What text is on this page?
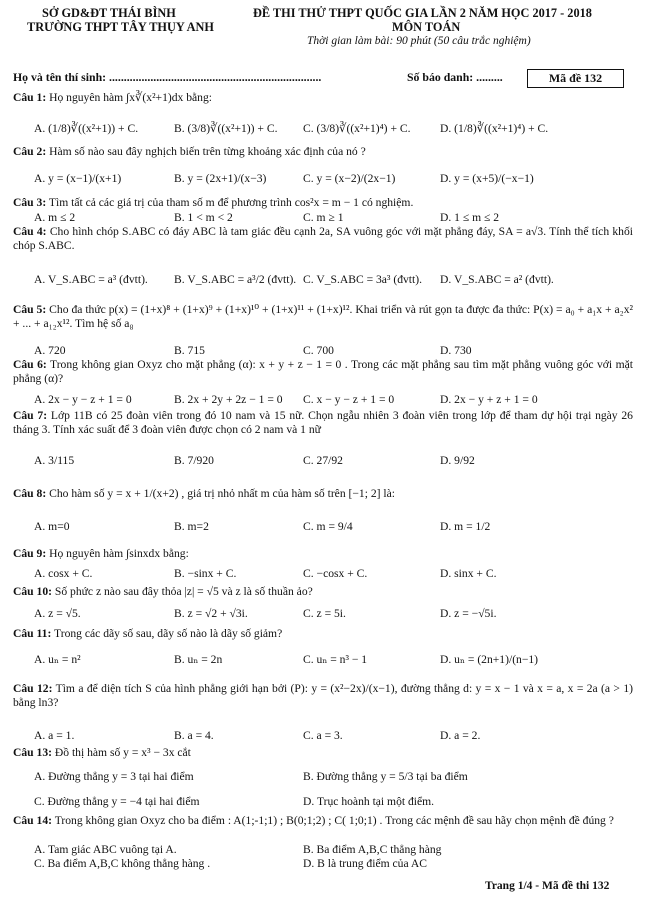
SỞ GD&ĐT THÁI BÌNH
TRƯỜNG THPT TÂY THỤY ANH
ĐỀ THI THỬ THPT QUỐC GIA LẦN 2 NĂM HỌC 2017 - 2018
MÔN TOÁN
Thời gian làm bài: 90 phút (50 câu trắc nghiệm)
Họ và tên thí sinh: ........................................................................	Số báo danh: .........	Mã đề 132
Câu 1: Họ nguyên hàm ∫x∛(x²+1)dx bằng:
A. (1/8)∛((x²+1)) + C.	B. (3/8)∛((x²+1)) + C. C. (3/8)∛((x²+1)⁴) + C.	D. (1/8)∛((x²+1)⁴) + C.
Câu 2: Hàm số nào sau đây nghịch biến trên từng khoảng xác định của nó ?
A. y = (x−1)/(x+1)	B. y = (2x+1)/(x−3)	C. y = (x−2)/(2x−1)	D. y = (x+5)/(−x−1)
Câu 3: Tìm tất cả các giá trị của tham số m để phương trình cos²x = m − 1 có nghiệm.
A. m ≤ 2	B. 1 < m < 2	C. m ≥ 1	D. 1 ≤ m ≤ 2
Câu 4: Cho hình chóp S.ABC có đáy ABC là tam giác đều cạnh 2a, SA vuông góc với mặt phẳng đáy, SA = a√3. Tính thể tích khối chóp S.ABC.
A. V_S.ABC = a³ (đvtt). B. V_S.ABC = a³/2 (đvtt). C. V_S.ABC = 3a³ (đvtt). D. V_S.ABC = a² (đvtt).
Câu 5: Cho đa thức p(x) = (1+x)⁸ + (1+x)⁹ + (1+x)¹⁰ + (1+x)¹¹ + (1+x)¹². Khai triển và rút gọn ta được đa thức: P(x) = a₀ + a₁x + a₂x² + ... + a₁₂x¹². Tìm hệ số a₈
A. 720	B. 715	C. 700	D. 730
Câu 6: Trong không gian Oxyz cho mặt phẳng (α): x + y + z − 1 = 0 . Trong các mặt phẳng sau tìm mặt phẳng vuông góc với mặt phẳng (α)?
A. 2x − y − z + 1 = 0	B. 2x + 2y + 2z − 1 = 0 C. x − y − z + 1 = 0	D. 2x − y + z + 1 = 0
Câu 7: Lớp 11B có 25 đoàn viên trong đó 10 nam và 15 nữ. Chọn ngẫu nhiên 3 đoàn viên trong lớp để tham dự hội trại ngày 26 tháng 3. Tính xác suất để 3 đoàn viên được chọn có 2 nam và 1 nữ
A. 3/115	B. 7/920	C. 27/92	D. 9/92
Câu 8: Cho hàm số y = x + 1/(x+2) , giá trị nhỏ nhất m của hàm số trên [−1; 2] là:
A. m=0	B. m=2	C. m = 9/4	D. m = 1/2
Câu 9: Họ nguyên hàm ∫sinxdx bằng:
A. cosx + C.	B. −sinx + C.	C. −cosx + C.	D. sinx + C.
Câu 10: Số phức z nào sau đây thỏa |z| = √5 và z là số thuần ảo?
A. z = √5.	B. z = √2 + √3i.	C. z = 5i.	D. z = −√5i.
Câu 11: Trong các dãy số sau, dãy số nào là dãy số giảm?
A. uₙ = n²	B. uₙ = 2n	C. uₙ = n³ − 1	D. uₙ = (2n+1)/(n−1)
Câu 12: Tìm a để diện tích S của hình phẳng giới hạn bởi (P): y = (x²−2x)/(x−1), đường thẳng d: y = x − 1 và x = a, x = 2a (a > 1) bằng ln3?
A. a = 1.	B. a = 4.	C. a = 3.	D. a = 2.
Câu 13: Đồ thị hàm số y = x³ − 3x cắt
A. Đường thẳng y = 3 tại hai điểm	B. Đường thẳng y = 5/3 tại ba điểm
C. Đường thẳng y = −4 tại hai điểm	D. Trục hoành tại một điểm.
Câu 14: Trong không gian Oxyz cho ba điểm : A(1;-1;1) ; B(0;1;2) ; C( 1;0;1) . Trong các mệnh đề sau hãy chọn mệnh đề đúng ?
A. Tam giác ABC vuông tại A.	B. Ba điểm A,B,C thẳng hàng
C. Ba điểm A,B,C không thẳng hàng .	D. B là trung điểm của AC
Trang 1/4 - Mã đề thi 132
